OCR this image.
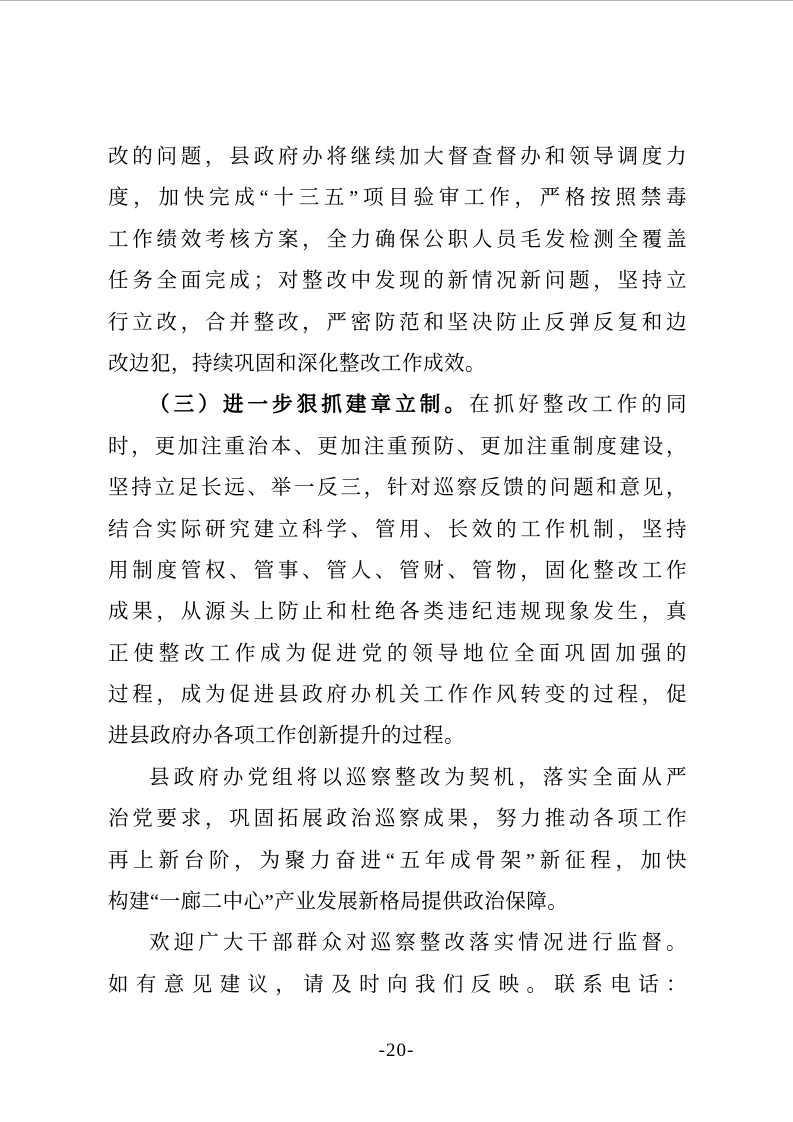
改的问题，县政府办将继续加大督查督办和领导调度力
度，加快完成“十三五”项目验审工作，严格按照禁毒
工作绩效考核方案，全力确保公职人员毛发检测全覆盖
任务全面完成；对整改中发现的新情况新问题，坚持立
行立改，合并整改，严密防范和坚决防止反弹反复和边
改边犯，持续巩固和深化整改工作成效。
（三）进一步狠抓建章立制。在抓好整改工作的同
时，更加注重治本、更加注重预防、更加注重制度建设，
坚持立足长远、举一反三，针对巡察反馈的问题和意见，
结合实际研究建立科学、管用、长效的工作机制，坚持
用制度管权、管事、管人、管财、管物，固化整改工作
成果，从源头上防止和杜绝各类违纪违规现象发生，真
正使整改工作成为促进党的领导地位全面巩固加强的
过程，成为促进县政府办机关工作作风转变的过程，促
进县政府办各项工作创新提升的过程。
县政府办党组将以巡察整改为契机，落实全面从严
治党要求，巩固拓展政治巡察成果，努力推动各项工作
再上新台阶，为聚力奋进“五年成骨架”新征程，加快
构建“一廊二中心”产业发展新格局提供政治保障。
欢迎广大干部群众对巡察整改落实情况进行监督。
如有意见建议，请及时向我们反映。联系电话：
-20-
